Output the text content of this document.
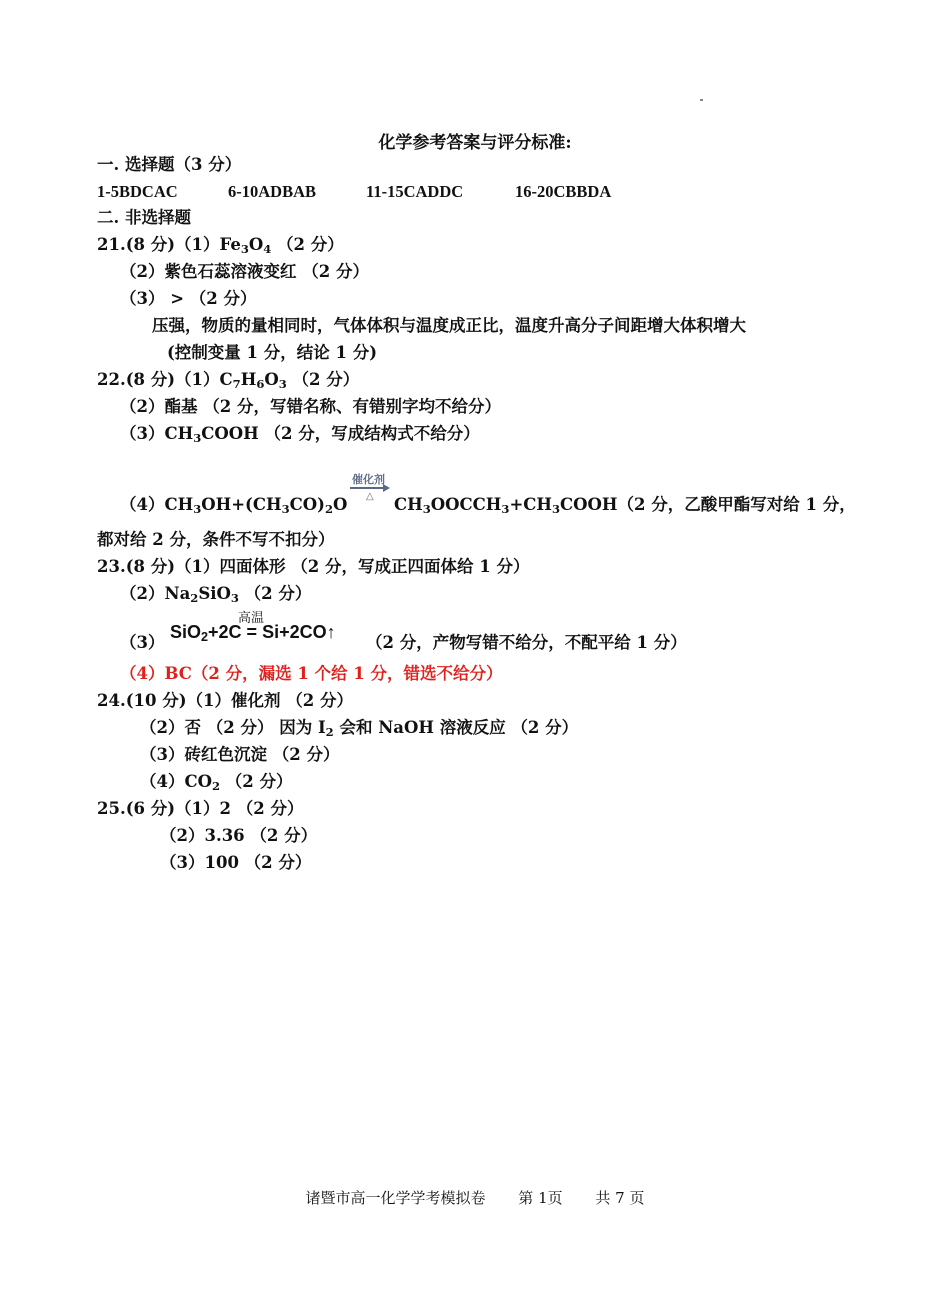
化学参考答案与评分标准:
一. 选择题（3 分）
1-5BDCAC	6-10ADBAB	11-15CADDC	16-20CBBDA
二. 非选择题
21.(8 分)$(1)Fe_3O_4$ （2 分）
（2）紫色石蕊溶液变红 （2 分）
（3） > （2 分）
压强，物质的量相同时，气体体积与温度成正比，温度升高分子间距增大体积增大
(控制变量 1 分，结论 1 分)
22.(8 分)$(1)C_7H_6O_3$ （2 分）
（2）酯基 （2 分，写错名称、有错别字均不给分）
$(3)CH_3COOH$ （2 分，写成结构式不给分）
催化剂
△
$(4)CH_3OH+(CH_3CO)_2O$	$CH_3OOCCH_3+CH_3COOH(2$ 分，乙酸甲酯写对给 1 分，
都对给 2 分，条件不写不扣分）
23.(8 分)（1）四面体形 （2 分，写成正四面体给 1 分）
$(2)Na_2SiO_3$ （2 分）
（3）
高温
SiO$_2$+2C = Si+2CO↑
（2 分，产物写错不给分，不配平给 1 分）
（4）BC（2 分，漏选 1 个给 1 分，错选不给分）
24.(10 分)（1）催化剂 （2 分）
（2）否 （2 分） 因为 $I_2$ 会和 NaOH 溶液反应 （2 分）
（3）砖红色沉淀 （2 分）
$(4)CO_2$ （2 分）
25.(6 分)（1）2 （2 分）
（2）3.36 （2 分）
（3）100 （2 分）
诸暨市高一化学学考模拟卷 第 1页 共 7 页
